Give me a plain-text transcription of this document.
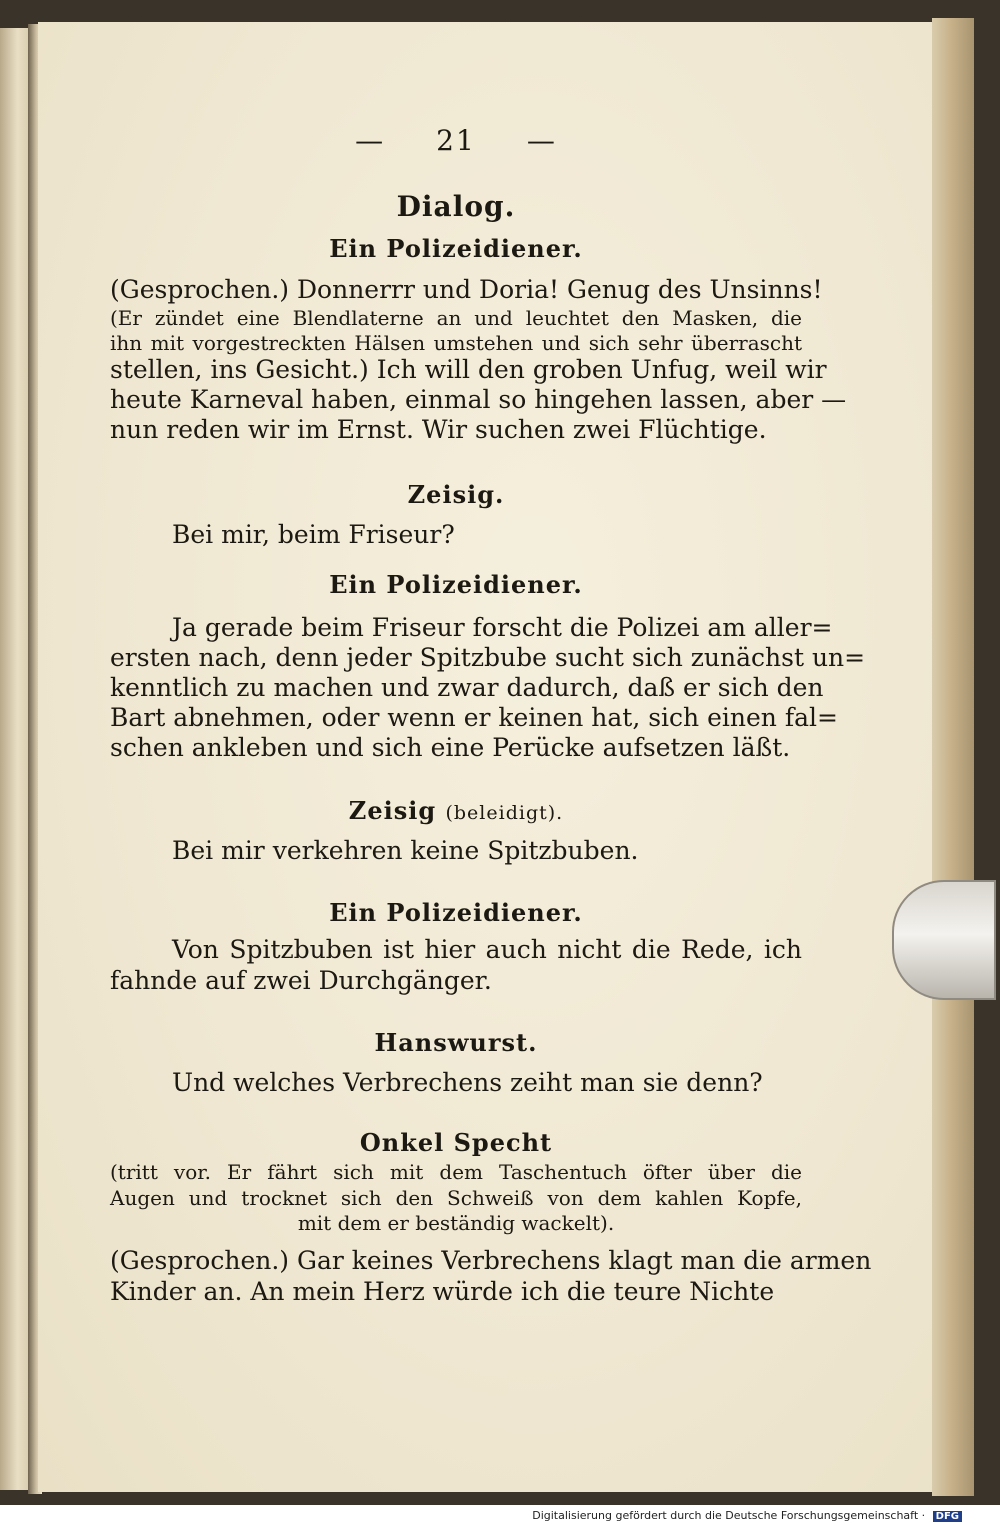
— 21 —
Dialog.
Ein Polizeidiener.
(Gesprochen.) Donnerrr und Doria! Genug des Unsinns!
(Er zündet eine Blendlaterne an und leuchtet den Masken, die
ihn mit vorgestreckten Hälsen umstehen und sich sehr überrascht
stellen, ins Gesicht.) Ich will den groben Unfug, weil wir
heute Karneval haben, einmal so hingehen lassen, aber —
nun reden wir im Ernst. Wir suchen zwei Flüchtige.
Zeisig.
Bei mir, beim Friseur?
Ein Polizeidiener.
Ja gerade beim Friseur forscht die Polizei am aller=
ersten nach, denn jeder Spitzbube sucht sich zunächst un=
kenntlich zu machen und zwar dadurch, daß er sich den
Bart abnehmen, oder wenn er keinen hat, sich einen fal=
schen ankleben und sich eine Perücke aufsetzen läßt.
Zeisig (beleidigt).
Bei mir verkehren keine Spitzbuben.
Ein Polizeidiener.
Von Spitzbuben ist hier auch nicht die Rede, ich
fahnde auf zwei Durchgänger.
Hanswurst.
Und welches Verbrechens zeiht man sie denn?
Onkel Specht
(tritt vor. Er fährt sich mit dem Taschentuch öfter über die
Augen und trocknet sich den Schweiß von dem kahlen Kopfe,
mit dem er beständig wackelt).
(Gesprochen.) Gar keines Verbrechens klagt man die armen
Kinder an. An mein Herz würde ich die teure Nichte
Digitalisierung gefördert durch die Deutsche Forschungsgemeinschaft · DFG
